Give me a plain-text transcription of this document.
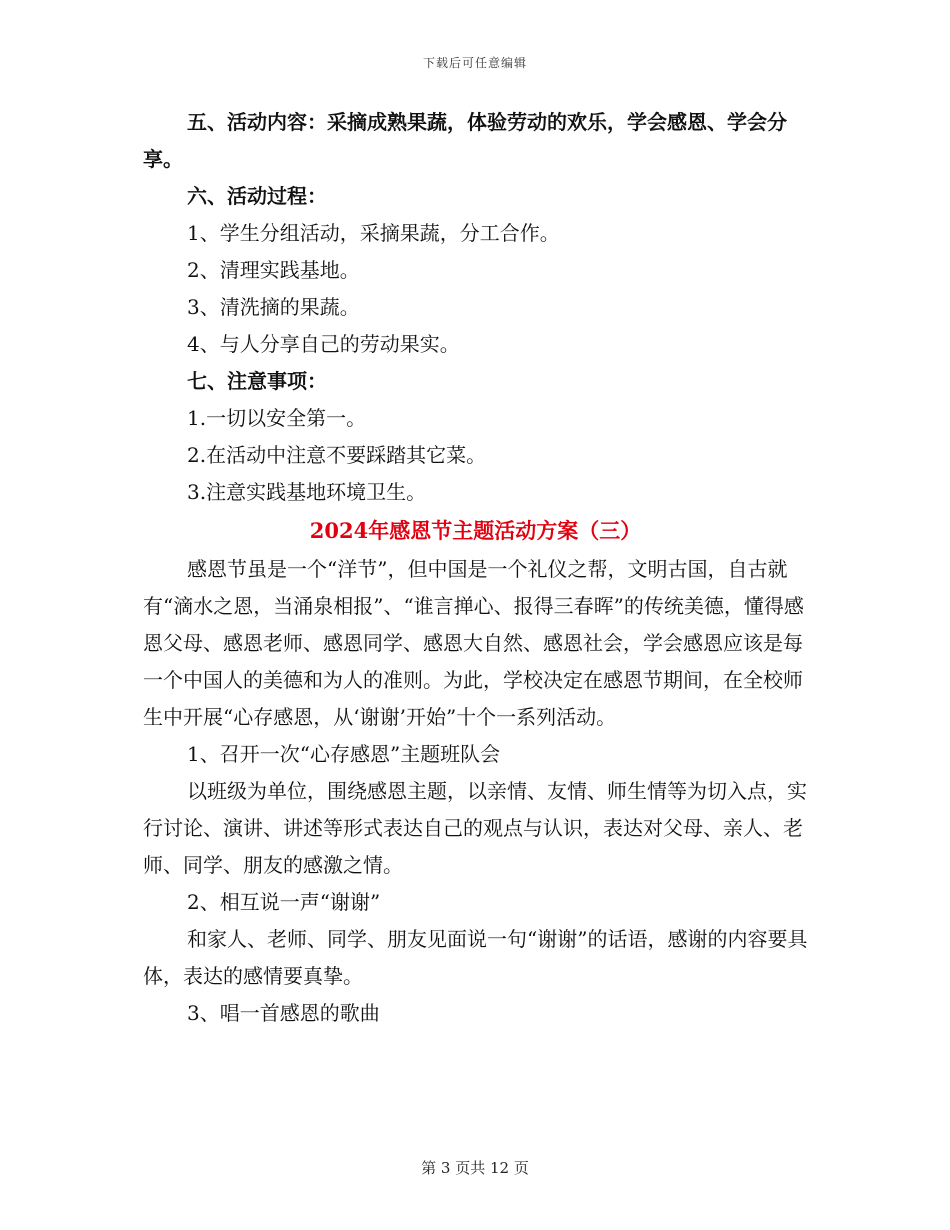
下载后可任意编辑

五、活动内容：采摘成熟果蔬，体验劳动的欢乐，学会感恩、学会分享。

六、活动过程：

1、学生分组活动，采摘果蔬，分工合作。

2、清理实践基地。

3、清洗摘的果蔬。

4、与人分享自己的劳动果实。

七、注意事项：

1.一切以安全第一。

2.在活动中注意不要踩踏其它菜。

3.注意实践基地环境卫生。

2024年感恩节主题活动方案（三）

感恩节虽是一个“洋节”，但中国是一个礼仪之帮，文明古国，自古就有“滴水之恩，当涌泉相报”、“谁言掸心、报得三春晖”的传统美德，懂得感恩父母、感恩老师、感恩同学、感恩大自然、感恩社会，学会感恩应该是每一个中国人的美德和为人的准则。为此，学校决定在感恩节期间，在全校师生中开展“心存感恩，从‘谢谢’开始”十个一系列活动。

1、召开一次“心存感恩”主题班队会

以班级为单位，围绕感恩主题，以亲情、友情、师生情等为切入点，实行讨论、演讲、讲述等形式表达自己的观点与认识，表达对父母、亲人、老师、同学、朋友的感激之情。

2、相互说一声“谢谢”

和家人、老师、同学、朋友见面说一句“谢谢”的话语，感谢的内容要具体，表达的感情要真挚。

3、唱一首感恩的歌曲

第 3 页共 12 页
